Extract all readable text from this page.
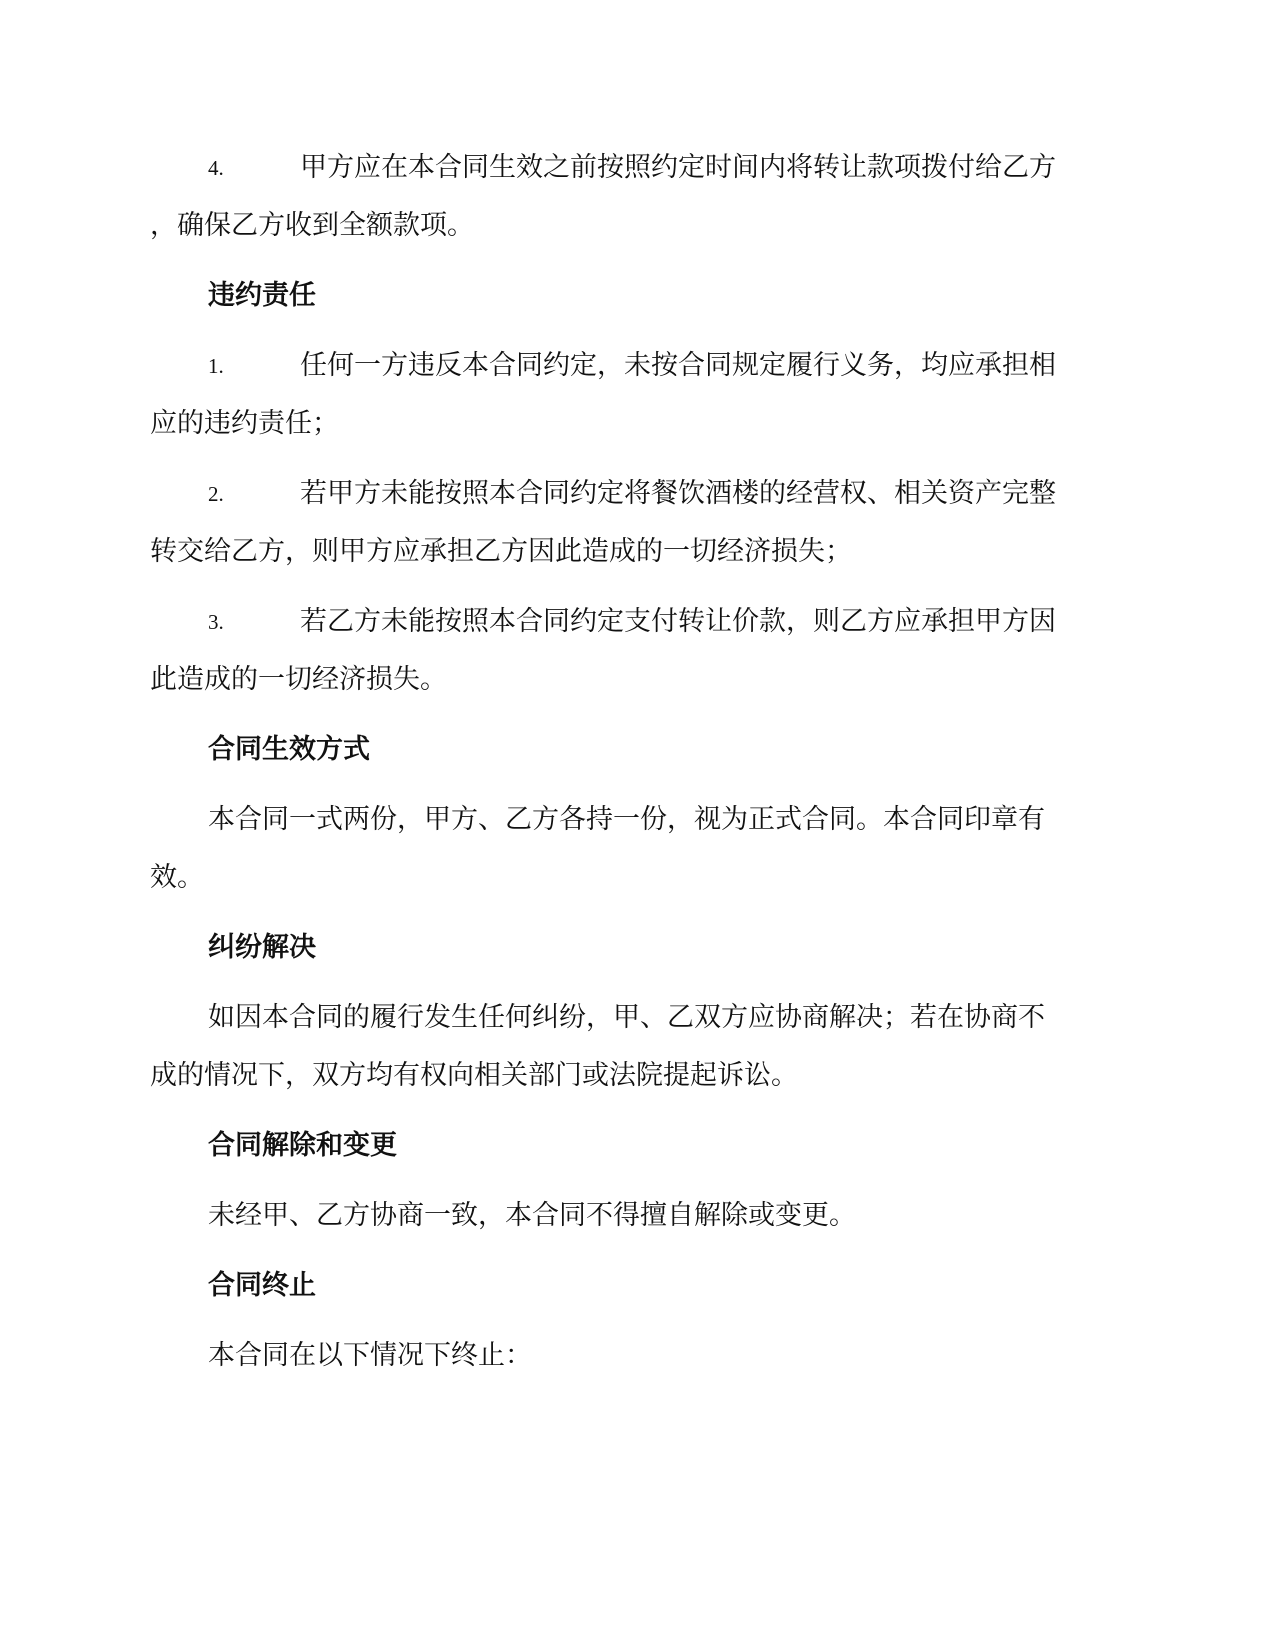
4.	甲方应在本合同生效之前按照约定时间内将转让款项拨付给乙方
，确保乙方收到全额款项。
违约责任
1.	任何一方违反本合同约定，未按合同规定履行义务，均应承担相
应的违约责任；
2.	若甲方未能按照本合同约定将餐饮酒楼的经营权、相关资产完整
转交给乙方，则甲方应承担乙方因此造成的一切经济损失；
3.	若乙方未能按照本合同约定支付转让价款，则乙方应承担甲方因
此造成的一切经济损失。
合同生效方式
本合同一式两份，甲方、乙方各持一份，视为正式合同。本合同印章有
效。
纠纷解决
如因本合同的履行发生任何纠纷，甲、乙双方应协商解决；若在协商不
成的情况下，双方均有权向相关部门或法院提起诉讼。
合同解除和变更
未经甲、乙方协商一致，本合同不得擅自解除或变更。
合同终止
本合同在以下情况下终止：
